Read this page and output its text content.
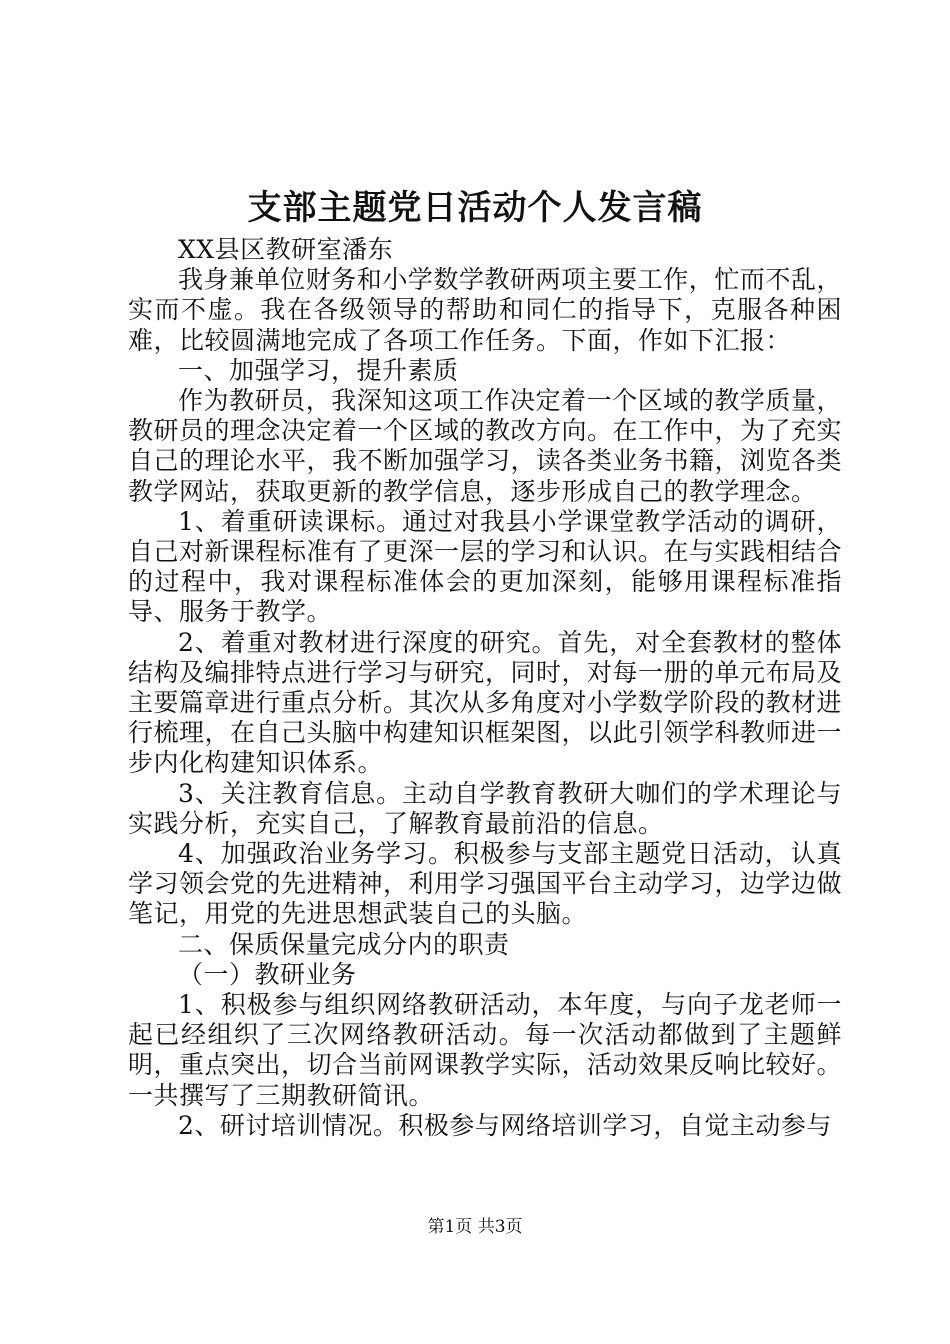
支部主题党日活动个人发言稿

XX县区教研室潘东

我身兼单位财务和小学数学教研两项主要工作，忙而不乱，实而不虚。我在各级领导的帮助和同仁的指导下，克服各种困难，比较圆满地完成了各项工作任务。下面，作如下汇报：

一、加强学习，提升素质

作为教研员，我深知这项工作决定着一个区域的教学质量，教研员的理念决定着一个区域的教改方向。在工作中，为了充实自己的理论水平，我不断加强学习，读各类业务书籍，浏览各类教学网站，获取更新的教学信息，逐步形成自己的教学理念。

1、着重研读课标。通过对我县小学课堂教学活动的调研，自己对新课程标准有了更深一层的学习和认识。在与实践相结合的过程中，我对课程标准体会的更加深刻，能够用课程标准指导、服务于教学。

2、着重对教材进行深度的研究。首先，对全套教材的整体结构及编排特点进行学习与研究，同时，对每一册的单元布局及主要篇章进行重点分析。其次从多角度对小学数学阶段的教材进行梳理，在自己头脑中构建知识框架图，以此引领学科教师进一步内化构建知识体系。

3、关注教育信息。主动自学教育教研大咖们的学术理论与实践分析，充实自己，了解教育最前沿的信息。

4、加强政治业务学习。积极参与支部主题党日活动，认真学习领会党的先进精神，利用学习强国平台主动学习，边学边做笔记，用党的先进思想武装自己的头脑。

二、保质保量完成分内的职责

（一）教研业务

1、积极参与组织网络教研活动，本年度，与向子龙老师一起已经组织了三次网络教研活动。每一次活动都做到了主题鲜明，重点突出，切合当前网课教学实际，活动效果反响比较好。一共撰写了三期教研简讯。

2、研讨培训情况。积极参与网络培训学习，自觉主动参与

第1页 共3页
